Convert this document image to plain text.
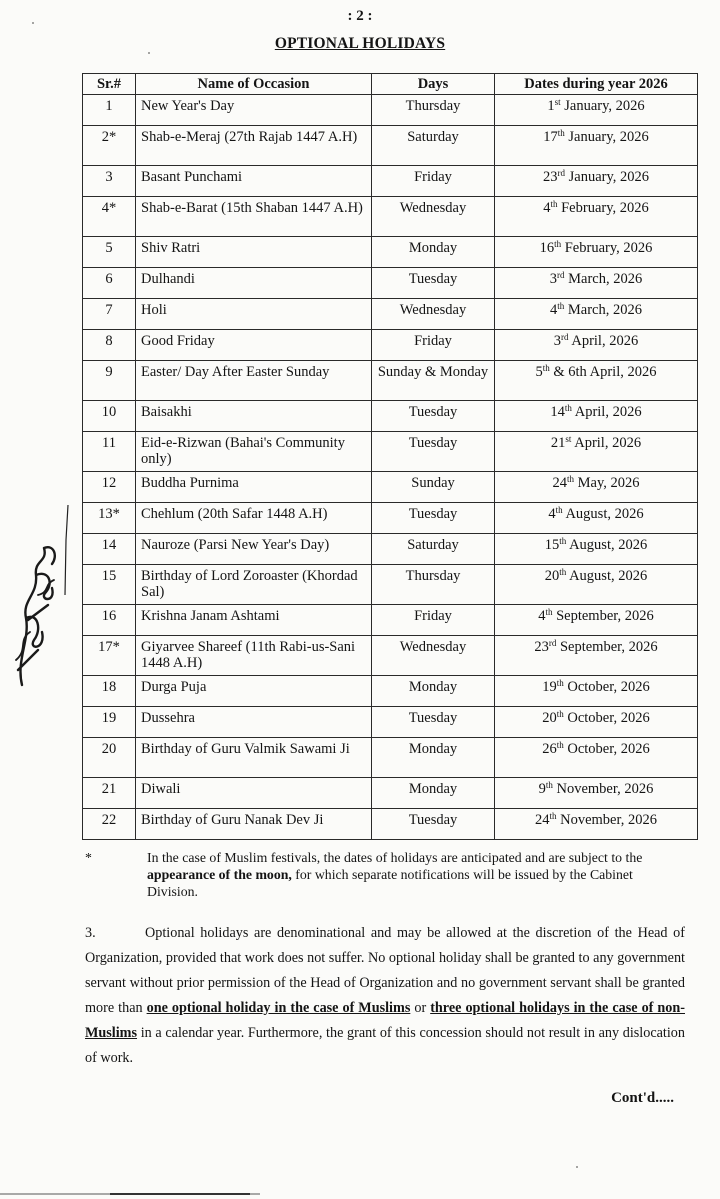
: 2 :
OPTIONAL HOLIDAYS
Sr.#	Name of Occasion	Days	Dates during year 2026
1	New Year's Day	Thursday	1st January, 2026
2*	Shab-e-Meraj (27th Rajab 1447 A.H)	Saturday	17th January, 2026
3	Basant Punchami	Friday	23rd January, 2026
4*	Shab-e-Barat (15th Shaban 1447 A.H)	Wednesday	4th February, 2026
5	Shiv Ratri	Monday	16th February, 2026
6	Dulhandi	Tuesday	3rd March, 2026
7	Holi	Wednesday	4th March, 2026
8	Good Friday	Friday	3rd April, 2026
9	Easter/ Day After Easter Sunday	Sunday & Monday	5th & 6th April, 2026
10	Baisakhi	Tuesday	14th April, 2026
11	Eid-e-Rizwan (Bahai's Community only)	Tuesday	21st April, 2026
12	Buddha Purnima	Sunday	24th May, 2026
13*	Chehlum (20th Safar 1448 A.H)	Tuesday	4th August, 2026
14	Nauroze (Parsi New Year's Day)	Saturday	15th August, 2026
15	Birthday of Lord Zoroaster (Khordad Sal)	Thursday	20th August, 2026
16	Krishna Janam Ashtami	Friday	4th September, 2026
17*	Giyarvee Shareef (11th Rabi-us-Sani 1448 A.H)	Wednesday	23rd September, 2026
18	Durga Puja	Monday	19th October, 2026
19	Dussehra	Tuesday	20th October, 2026
20	Birthday of Guru Valmik Sawami Ji	Monday	26th October, 2026
21	Diwali	Monday	9th November, 2026
22	Birthday of Guru Nanak Dev Ji	Tuesday	24th November, 2026
*	In the case of Muslim festivals, the dates of holidays are anticipated and are subject to the appearance of the moon, for which separate notifications will be issued by the Cabinet Division.
3.	Optional holidays are denominational and may be allowed at the discretion of the Head of Organization, provided that work does not suffer. No optional holiday shall be granted to any government servant without prior permission of the Head of Organization and no government servant shall be granted more than one optional holiday in the case of Muslims or three optional holidays in the case of non-Muslims in a calendar year. Furthermore, the grant of this concession should not result in any dislocation of work.
Cont'd.....
